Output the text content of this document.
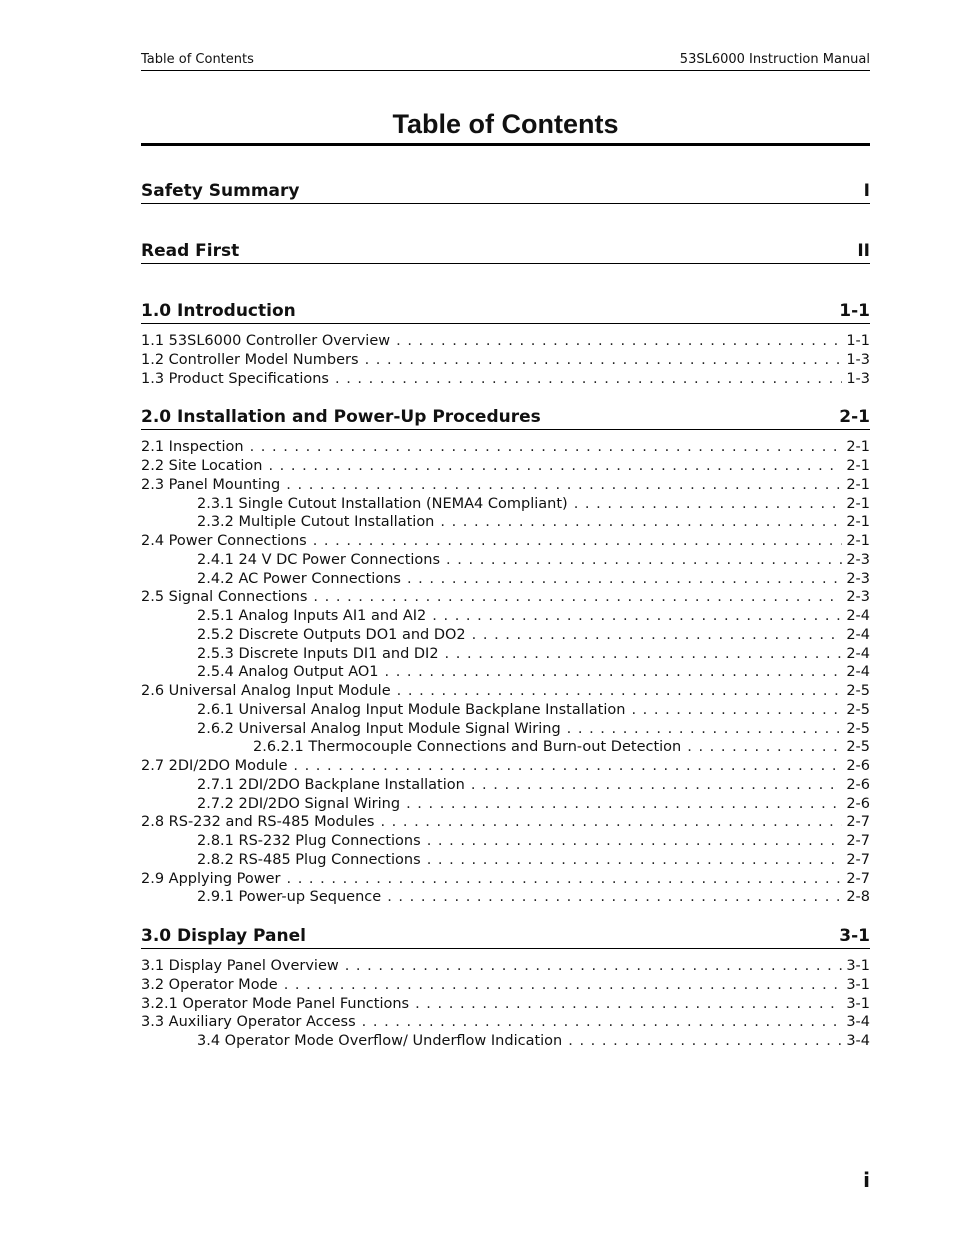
Table of Contents	53SL6000 Instruction Manual
Table of Contents
Safety Summary	I
Read First	II
1.0 Introduction	1-1
1.1 53SL6000 Controller Overview . . .	1-1
1.2 Controller Model Numbers . . .	1-3
1.3 Product Specifications . . .	1-3
2.0 Installation and Power-Up Procedures	2-1
2.1 Inspection . . .	2-1
2.2 Site Location . . .	2-1
2.3 Panel Mounting . . .	2-1
2.3.1 Single Cutout Installation (NEMA4 Compliant) . . .	2-1
2.3.2 Multiple Cutout Installation . . .	2-1
2.4 Power Connections . . .	2-1
2.4.1 24 V DC Power Connections . . .	2-3
2.4.2 AC Power Connections . . .	2-3
2.5 Signal Connections . . .	2-3
2.5.1 Analog Inputs AI1 and AI2 . . .	2-4
2.5.2 Discrete Outputs DO1 and DO2 . . .	2-4
2.5.3 Discrete Inputs DI1 and DI2 . . .	2-4
2.5.4 Analog Output AO1 . . .	2-4
2.6 Universal Analog Input Module . . .	2-5
2.6.1 Universal Analog Input Module Backplane Installation . . .	2-5
2.6.2 Universal Analog Input Module Signal Wiring . . .	2-5
2.6.2.1 Thermocouple Connections and Burn-out Detection . . .	2-5
2.7 2DI/2DO Module . . .	2-6
2.7.1 2DI/2DO Backplane Installation . . .	2-6
2.7.2 2DI/2DO Signal Wiring . . .	2-6
2.8 RS-232 and RS-485 Modules . . .	2-7
2.8.1 RS-232 Plug Connections . . .	2-7
2.8.2 RS-485 Plug Connections . . .	2-7
2.9 Applying Power . . .	2-7
2.9.1 Power-up Sequence . . .	2-8
3.0 Display Panel	3-1
3.1 Display Panel Overview . . .	3-1
3.2 Operator Mode . . .	3-1
3.2.1 Operator Mode Panel Functions . . .	3-1
3.3 Auxiliary Operator Access . . .	3-4
3.4 Operator Mode Overflow/ Underflow Indication . . .	3-4
i
